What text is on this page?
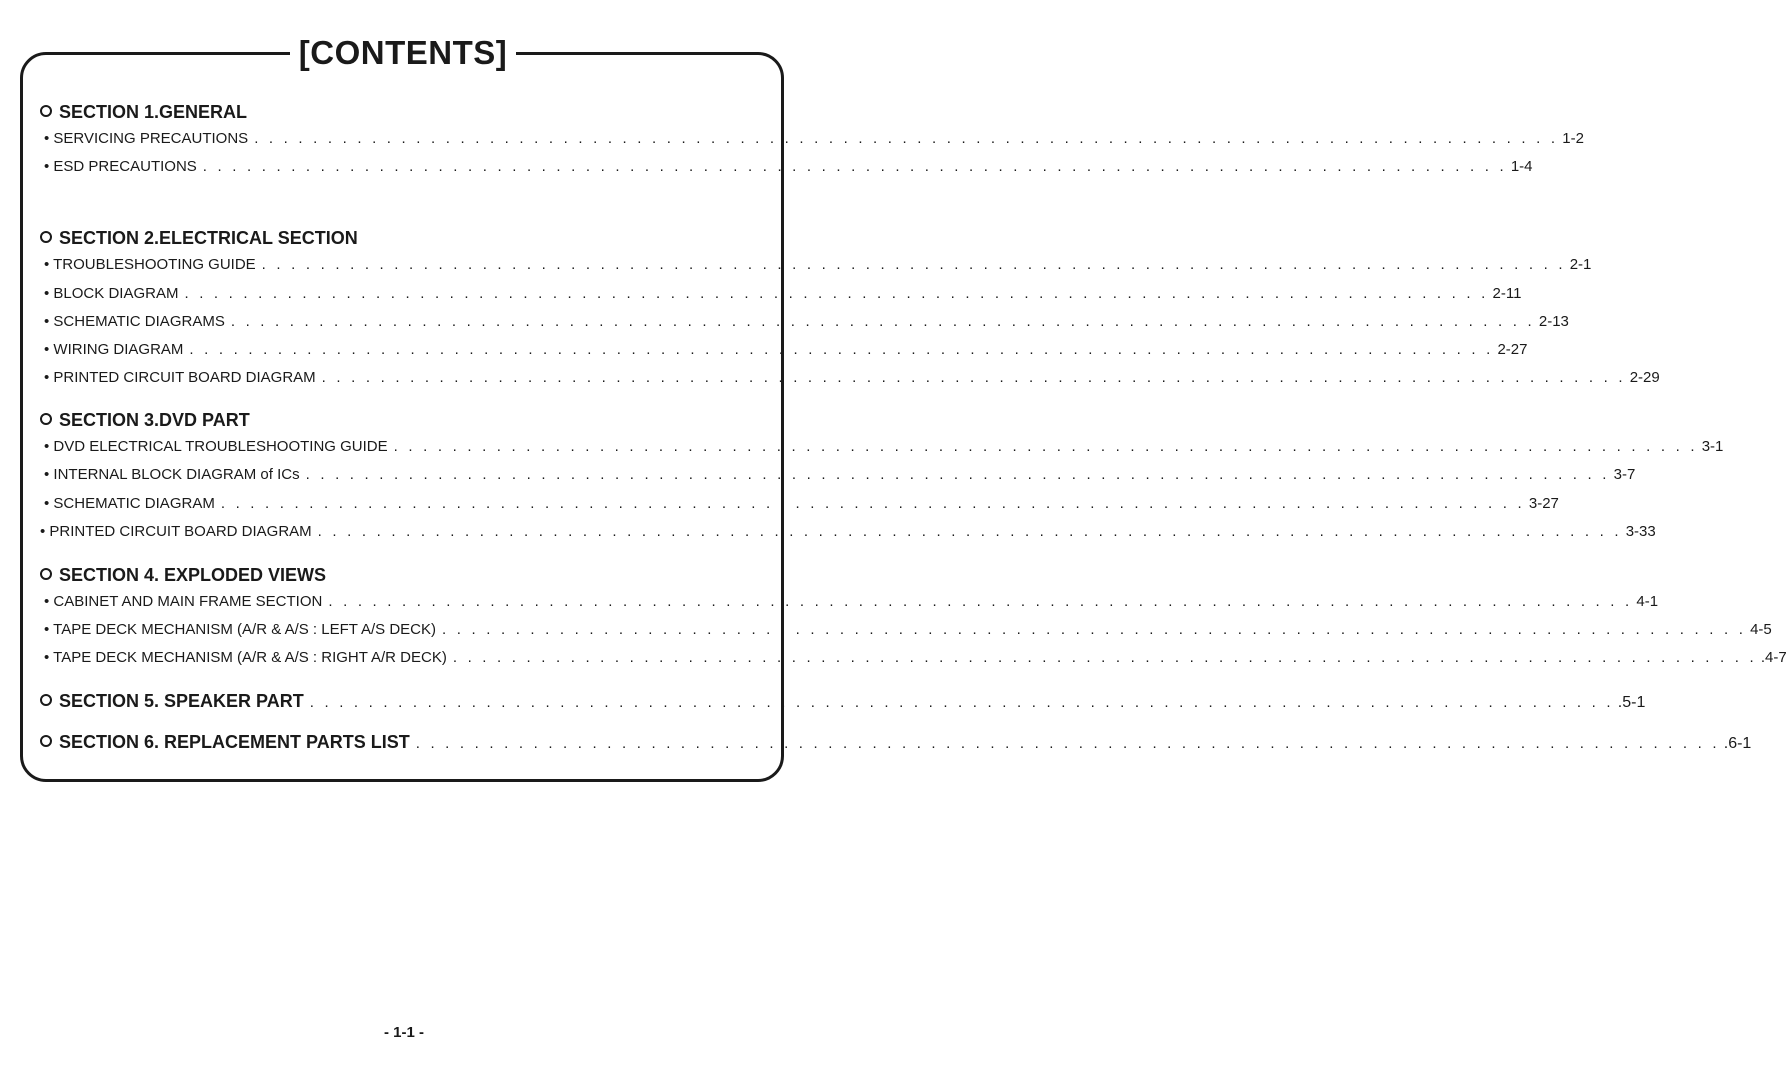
[CONTENTS]
SECTION 1.GENERAL
• SERVICING PRECAUTIONS . . . . . . . . . . . . . . . . . . . . . . . . . . . . . . . . . . . . . . . . . . . . . . . . . . . . . . . . . . . . . . . . . . . . . . . . . . . . . . . . . . . . . . . . . 1-2
• ESD PRECAUTIONS . . . . . . . . . . . . . . . . . . . . . . . . . . . . . . . . . . . . . . . . . . . . . . . . . . . . . . . . . . . . . . . . . . . . . . . . . . . . . . . . . . . . . . . . . 1-4
SECTION 2.ELECTRICAL SECTION
• TROUBLESHOOTING GUIDE . . . . . . . . . . . . . . . . . . . . . . . . . . . . . . . . . . . . . . . . . . . . . . . . . . . . . . . . . . . . . . . . . . . . . . . . . . . . . . . . . . . . . . . . . 2-1
• BLOCK DIAGRAM . . . . . . . . . . . . . . . . . . . . . . . . . . . . . . . . . . . . . . . . . . . . . . . . . . . . . . . . . . . . . . . . . . . . . . . . . . . . . . . . . . . . . . . . . 2-11
• SCHEMATIC DIAGRAMS . . . . . . . . . . . . . . . . . . . . . . . . . . . . . . . . . . . . . . . . . . . . . . . . . . . . . . . . . . . . . . . . . . . . . . . . . . . . . . . . . . . . . . . . . 2-13
• WIRING DIAGRAM . . . . . . . . . . . . . . . . . . . . . . . . . . . . . . . . . . . . . . . . . . . . . . . . . . . . . . . . . . . . . . . . . . . . . . . . . . . . . . . . . . . . . . . . . 2-27
• PRINTED CIRCUIT BOARD DIAGRAM . . . . . . . . . . . . . . . . . . . . . . . . . . . . . . . . . . . . . . . . . . . . . . . . . . . . . . . . . . . . . . . . . . . . . . . . . . . . . . . . . . . . . . . . . 2-29
SECTION 3.DVD PART
• DVD ELECTRICAL TROUBLESHOOTING GUIDE . . . . . . . . . . . . . . . . . . . . . . . . . . . . . . . . . . . . . . . . . . . . . . . . . . . . . . . . . . . . . . . . . . . . . . . . . . . . . . . . . . . . . . . . . 3-1
• INTERNAL BLOCK DIAGRAM of ICs . . . . . . . . . . . . . . . . . . . . . . . . . . . . . . . . . . . . . . . . . . . . . . . . . . . . . . . . . . . . . . . . . . . . . . . . . . . . . . . . . . . . . . . . . 3-7
• SCHEMATIC DIAGRAM . . . . . . . . . . . . . . . . . . . . . . . . . . . . . . . . . . . . . . . . . . . . . . . . . . . . . . . . . . . . . . . . . . . . . . . . . . . . . . . . . . . . . . . . . 3-27
• PRINTED CIRCUIT BOARD DIAGRAM . . . . . . . . . . . . . . . . . . . . . . . . . . . . . . . . . . . . . . . . . . . . . . . . . . . . . . . . . . . . . . . . . . . . . . . . . . . . . . . . . . . . . . . . . 3-33
SECTION 4. EXPLODED VIEWS
• CABINET AND MAIN FRAME SECTION . . . . . . . . . . . . . . . . . . . . . . . . . . . . . . . . . . . . . . . . . . . . . . . . . . . . . . . . . . . . . . . . . . . . . . . . . . . . . . . . . . . . . . . . . 4-1
• TAPE DECK MECHANISM (A/R & A/S : LEFT A/S DECK) . . . . . . . . . . . . . . . . . . . . . . . . . . . . . . . . . . . . . . . . . . . . . . . . . . . . . . . . . . . . . . . . . . . . . . . . . . . . . . . . . . . . . . . . . 4-5
• TAPE DECK MECHANISM (A/R & A/S : RIGHT A/R DECK) . . . . . . . . . . . . . . . . . . . . . . . . . . . . . . . . . . . . . . . . . . . . . . . . . . . . . . . . . . . . . . . . . . . . . . . . . . . . . . . . . . . . . . . . . .4-7
SECTION 5. SPEAKER PART . . . . . . . . . . . . . . . . . . . . . . . . . . . . . . . . . . . . . . . . . . . . . . . . . . . . . . . . . . . . . . . . . . . . . . . . . . . . . . . . . . . . . . . . . .5-1
SECTION 6. REPLACEMENT PARTS LIST . . . . . . . . . . . . . . . . . . . . . . . . . . . . . . . . . . . . . . . . . . . . . . . . . . . . . . . . . . . . . . . . . . . . . . . . . . . . . . . . . . . . . . . . . .6-1
- 1-1 -
